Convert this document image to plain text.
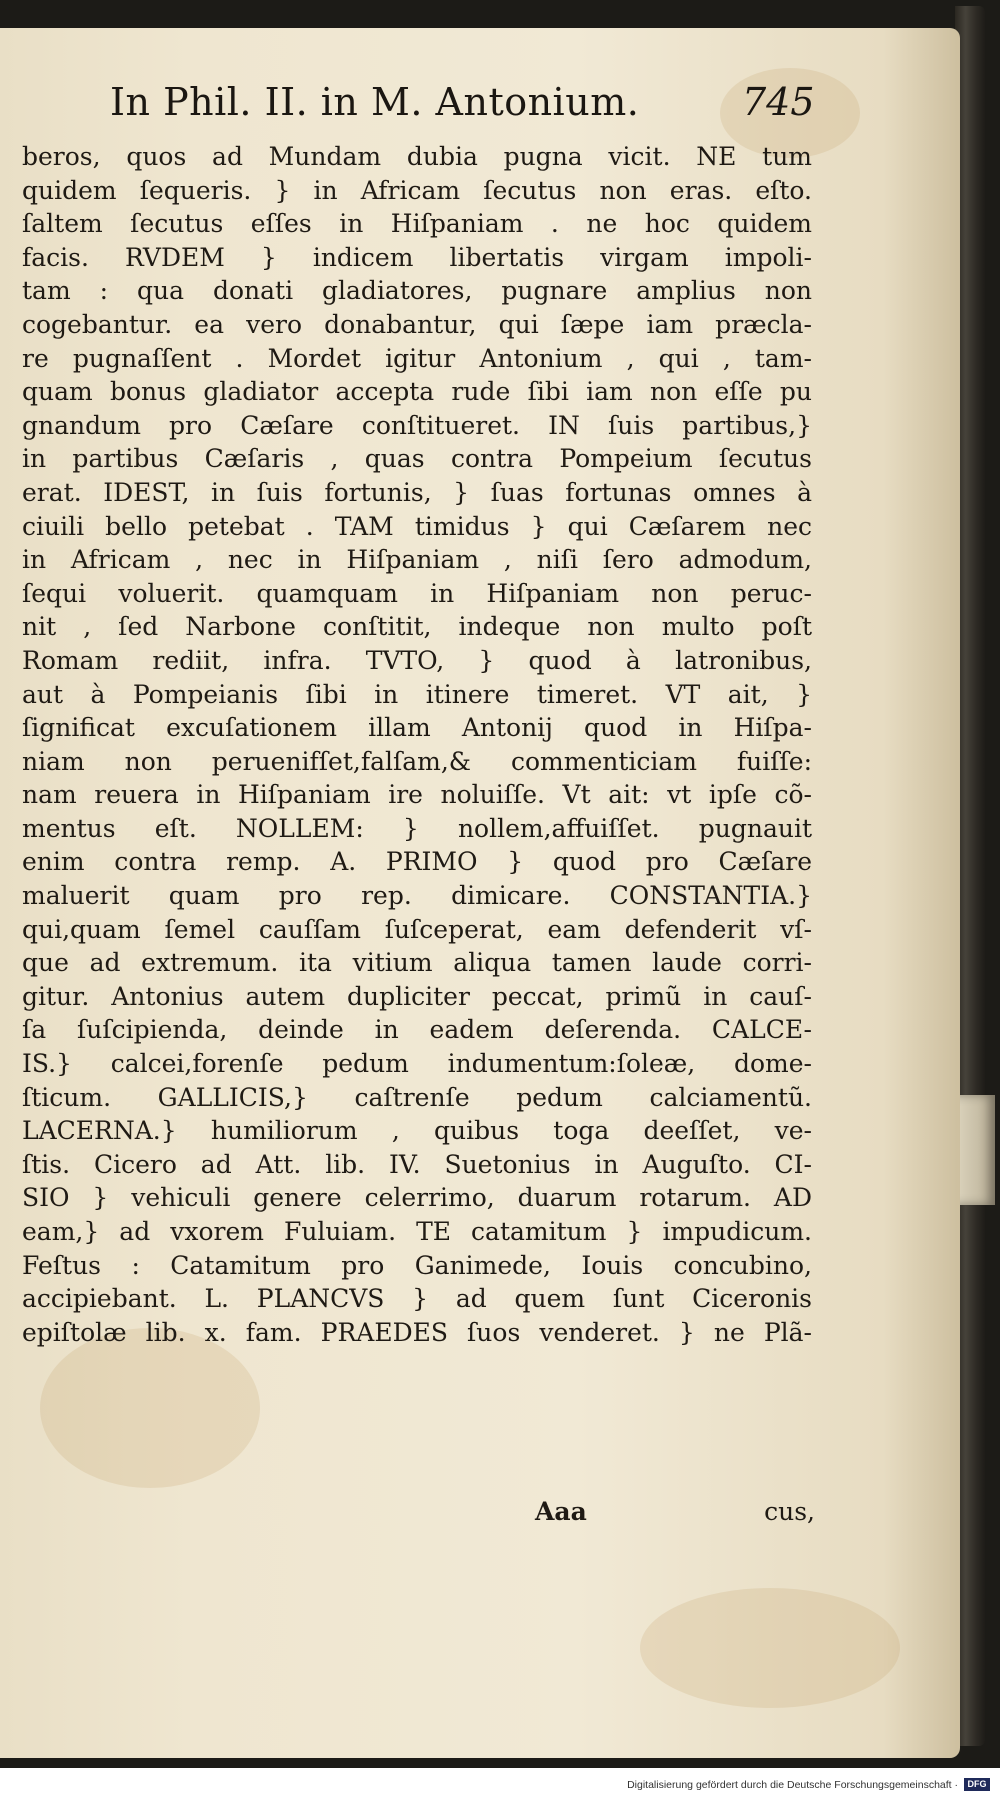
In Phil. II. in M. Antonium.	745
beros, quos ad Mundam dubia pugna vicit. NE tum
quidem ſequeris. } in Africam ſecutus non eras. eſto.
ſaltem ſecutus eſſes in Hiſpaniam . ne hoc quidem
facis. RVDEM } indicem libertatis virgam impoli-
tam : qua donati gladiatores, pugnare amplius non
cogebantur. ea vero donabantur, qui ſæpe iam præcla-
re pugnaſſent . Mordet igitur Antonium , qui , tam-
quam bonus gladiator accepta rude ſibi iam non eſſe pu
gnandum pro Cæſare conſtitueret. IN ſuis partibus,}
in partibus Cæſaris , quas contra Pompeium ſecutus
erat. IDEST, in ſuis fortunis, } ſuas fortunas omnes à
ciuili bello petebat . TAM timidus } qui Cæſarem nec
in Africam , nec in Hiſpaniam , niſi ſero admodum,
ſequi voluerit. quamquam in Hiſpaniam non peruc-
nit , ſed Narbone conſtitit, indeque non multo poſt
Romam rediit, infra. TVTO, } quod à latronibus,
aut à Pompeianis ſibi in itinere timeret. VT ait, }
ſignificat excuſationem illam Antonij quod in Hiſpa-
niam non peruenifſet,falſam,& commenticiam fuiſſe:
nam reuera in Hiſpaniam ire noluiſſe. Vt ait: vt ipſe cõ-
mentus eſt. NOLLEM: } nollem,affuiſſet. pugnauit
enim contra remp. A. PRIMO } quod pro Cæſare
maluerit quam pro rep. dimicare. CONSTANTIA.}
qui,quam ſemel cauſſam ſuſceperat, eam defenderit vſ-
que ad extremum. ita vitium aliqua tamen laude corri-
gitur. Antonius autem dupliciter peccat, primũ in cauſ-
ſa ſuſcipienda, deinde in eadem deſerenda. CALCE-
IS.} calcei,forenſe pedum indumentum:ſoleæ, dome-
ſticum. GALLICIS,} caſtrenſe pedum calciamentũ.
LACERNA.} humiliorum , quibus toga deeſſet, ve-
ſtis. Cicero ad Att. lib. IV. Suetonius in Auguſto. CI-
SIO } vehiculi genere celerrimo, duarum rotarum. AD
eam,} ad vxorem Fuluiam. TE catamitum } impudicum.
Feſtus : Catamitum pro Ganimede, Iouis concubino,
accipiebant. L. PLANCVS } ad quem ſunt Ciceronis
epiſtolæ lib. x. fam. PRAEDES ſuos venderet. } ne Plã-
Aaa	cus,
Digitalisierung gefördert durch die Deutsche Forschungsgemeinschaft ·	DFG
